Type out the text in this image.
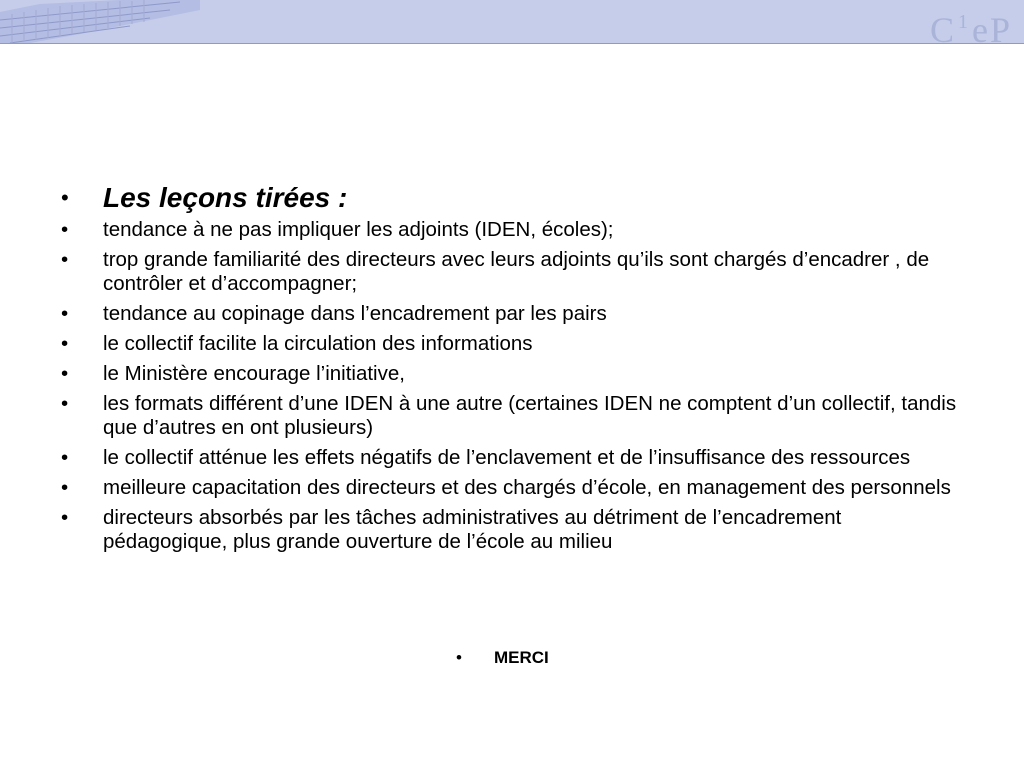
C $^1$eP
•	Les leçons tirées :
•	tendance à ne pas impliquer les adjoints (IDEN, écoles);
•	trop grande familiarité des directeurs avec leurs adjoints qu’ils sont chargés d’encadrer , de contrôler et d’accompagner;
•	tendance au copinage dans l’encadrement par les pairs
•	le collectif facilite la circulation des informations
•	le Ministère encourage l’initiative,
•	les formats différent d’une IDEN à une autre (certaines IDEN ne comptent d’un collectif, tandis que d’autres en ont plusieurs)
•	le collectif atténue les effets négatifs de l’enclavement et de l’insuffisance des ressources
•	meilleure capacitation des directeurs et des chargés d’école, en management des personnels
•	directeurs absorbés par les tâches administratives au détriment de l’encadrement pédagogique, plus grande ouverture de l’école au milieu
•	MERCI
